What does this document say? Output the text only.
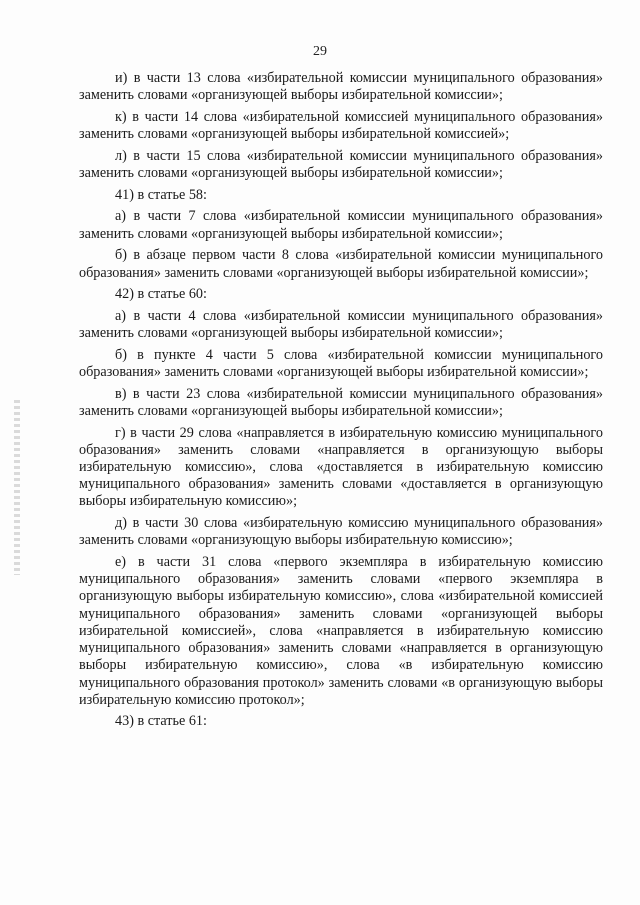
29

и) в части 13 слова «избирательной комиссии муниципального образования» заменить словами «организующей выборы избирательной комиссии»;

к) в части 14 слова «избирательной комиссией муниципального образования» заменить словами «организующей выборы избирательной комиссией»;

л) в части 15 слова «избирательной комиссии муниципального образования» заменить словами «организующей выборы избирательной комиссии»;

41) в статье 58:

а) в части 7 слова «избирательной комиссии муниципального образования» заменить словами «организующей выборы избирательной комиссии»;

б) в абзаце первом части 8 слова «избирательной комиссии муниципального образования» заменить словами «организующей выборы избирательной комиссии»;

42) в статье 60:

а) в части 4 слова «избирательной комиссии муниципального образования» заменить словами «организующей выборы избирательной комиссии»;

б) в пункте 4 части 5 слова «избирательной комиссии муниципального образования» заменить словами «организующей выборы избирательной комиссии»;

в) в части 23 слова «избирательной комиссии муниципального образования» заменить словами «организующей выборы избирательной комиссии»;

г) в части 29 слова «направляется в избирательную комиссию муниципального образования» заменить словами «направляется в организующую выборы избирательную комиссию», слова «доставляется в избирательную комиссию муниципального образования» заменить словами «доставляется в организующую выборы избирательную комиссию»;

д) в части 30 слова «избирательную комиссию муниципального образования» заменить словами «организующую выборы избирательную комиссию»;

е) в части 31 слова «первого экземпляра в избирательную комиссию муниципального образования» заменить словами «первого экземпляра в организующую выборы избирательную комиссию», слова «избирательной комиссией муниципального образования» заменить словами «организующей выборы избирательной комиссией», слова «направляется в избирательную комиссию муниципального образования» заменить словами «направляется в организующую выборы избирательную комиссию», слова «в избирательную комиссию муниципального образования протокол» заменить словами «в организующую выборы избирательную комиссию протокол»;

43) в статье 61:
